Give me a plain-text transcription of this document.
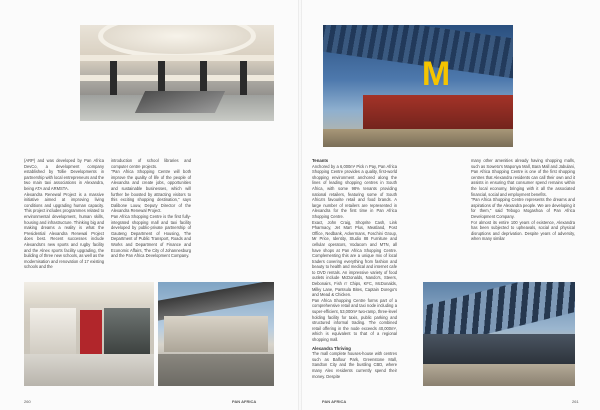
(ARP) and was developed by Pan Africa DevCo, a development company established by Tollie Developments in partnership with local entrepreneurs and the two main taxi associations in Alexandra, being ATA and ARMSTA.

Alexandra Renewal Project is a massive initiative aimed at improving living conditions and upgrading human capacity. This project includes programmes related to environmental development, human skills, housing and infrastructure. Thinking big and making dreams a reality is what the Presidential Alexandra Renewal Project does best. Recent successes include Alexandra's new sports and rugby facility and the Alnex sports facility upgrading, the building of three new schools, as well as the modernisation and renovation of 17 existing schools and the

introduction of school libraries and computer centre projects.

"Pan Africa Shopping Centre will both improve the quality of life of the people of Alexandra and create jobs, opportunities and sustainable businesses, which will further be boosted by attracting visitors to this exciting shopping destination," says Dalibone Louw, Deputy Director of the Alexandra Renewal Project.

Pan Africa Shopping Centre is the first fully-integrated shopping mall and taxi facility developed by public-private partnership of Gauteng Department of Housing, The Department of Public Transport, Roads and Works and Department of Finance and Economic Affairs, The City of Johannesburg and the Pan Africa Development Company.

260	PAN AFRICA

Tenants

Anchored by a 6,000m² Pick n Pay, Pan Africa Shopping Centre provides a quality, first-world shopping environment anchored along the lines of leading shopping centres in South Africa, with some 98% tenants providing national retailers, featuring some of South Africa's favourite retail and food brands. A large number of retailers are represented in Alexandra for the first time in Pan Africa Shopping Centre.

Exact, John Craig, Shoprite Cash, Link Pharmacy, Jet Mart Plus, Meatland, Post Office, Nedbank, Ackermans, Foschini Group, Mr Price, Identity, Studio 88 Furniture and cellular operators, Vodacom and MTN, all have shops at Pan Africa Shopping Centre. Complementing this are a unique mix of local traders covering everything from fashion and beauty to health and medical and internet cafe to DVD rentals. An impressive variety of food outlets include McDonalds, Nando's, Steers, Debonairs, Fish n' Chips, KFC, McDonalds, Milky Lane, Pantsula Bites, Captain Dorego's and Mead & Chicken.

Pan Africa Shopping Centre forms part of a comprehensive retail and taxi node including a super-efficient, 53,000m² two-ramp, three-level holding facility for taxis, public parking and structured informal trading. The combined retail offering in the node exceeds 40,000m², which is equivalent to that of a regional shopping mall.

Alexandra Thriving

The mall complete houses-house with centres such as Balfour Park, Greenstone Mall, Sandton City and the bustling CBD, where many Alex residents currently spend their money. Despite

many other amenities already having shopping malls, such as Soweto's Maponya Mall, Bara Mall and Jabulani, Pan Africa Shopping Centre is one of the first shopping centres that Alexandra residents can call their own and it assists in ensuring that consumer spend remains within the local economy, bringing with it all the associated financial, social and employment benefits.

"Pan Africa Shopping Centre represents the dreams and aspirations of the Alexandra people. We are developing it for them," said Tebogo Mogashoa of Pan Africa Development Company.

For almost its entire 100 years of existence, Alexandra has been subjected to upheavals, social and physical disruptions and deprivation. Despite years of adversity, when many similar

PAN AFRICA	261
M
